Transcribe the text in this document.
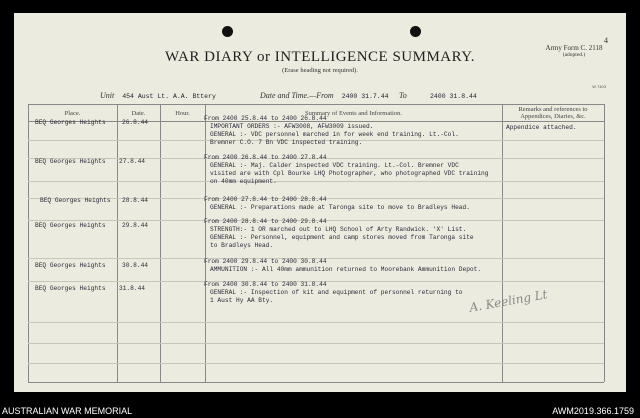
WAR DIARY or INTELLIGENCE SUMMARY.
(Erase heading not required).
4
Army Form C. 2118
(adopted.)
W 7403
Unit 454 Aust Lt. A.A. Bttery	Date and Time.—From 2400 31.7.44 To	2400 31.8.44
Place.	Date.	Hour.	Summary of Events and Information.
Remarks and references to Appendices, Diaries, &c.
BEQ Georges Heights	26.8.44
From 2400 25.8.44 to 2400 26.8.44
IMPORTANT ORDERS :- AFW3008, AFW3009 issued.
GENERAL :- VDC personnel marched in for week end training. Lt.-Col.
Bremner C.O. 7 Bn VDC inspected training.
Appendice attached.
BEQ Georges Heights 27.8.44
From 2400 26.8.44 to 2400 27.8.44
GENERAL :- Maj. Calder inspected VDC training. Lt.-Col. Bremner VDC
visited are with Cpl Bourke LHQ Photographer, who photographed VDC training
on 40mm equipment.
BEQ Georges Heights 28.8.44	From 2400 27.8.44 to 2400 28.8.44
GENERAL :- Preparations made at Taronga site to move to Bradleys Head.
BEQ Georges Heights	29.8.44
From 2400 28.8.44 to 2400 29.8.44
STRENGTH:- 1 OR marched out to LHQ School of Arty Randwick. 'X' List.
GENERAL :- Personnel, equipment and camp stores moved from Taronga site
to Bradleys Head.
BEQ Georges Heights	30.8.44
From 2400 29.8.44 to 2400 30.8.44
AMMUNITION :- All 40mm ammunition returned to Moorebank Ammunition Depot.
BEQ Georges Heights 31.8.44
From 2400 30.8.44 to 2400 31.8.44
GENERAL :- Inspection of kit and equipment of personnel returning to
1 Aust Hy AA Bty.	A. Keeling Lt
AUSTRALIAN WAR MEMORIAL	AWM2019.366.1759
